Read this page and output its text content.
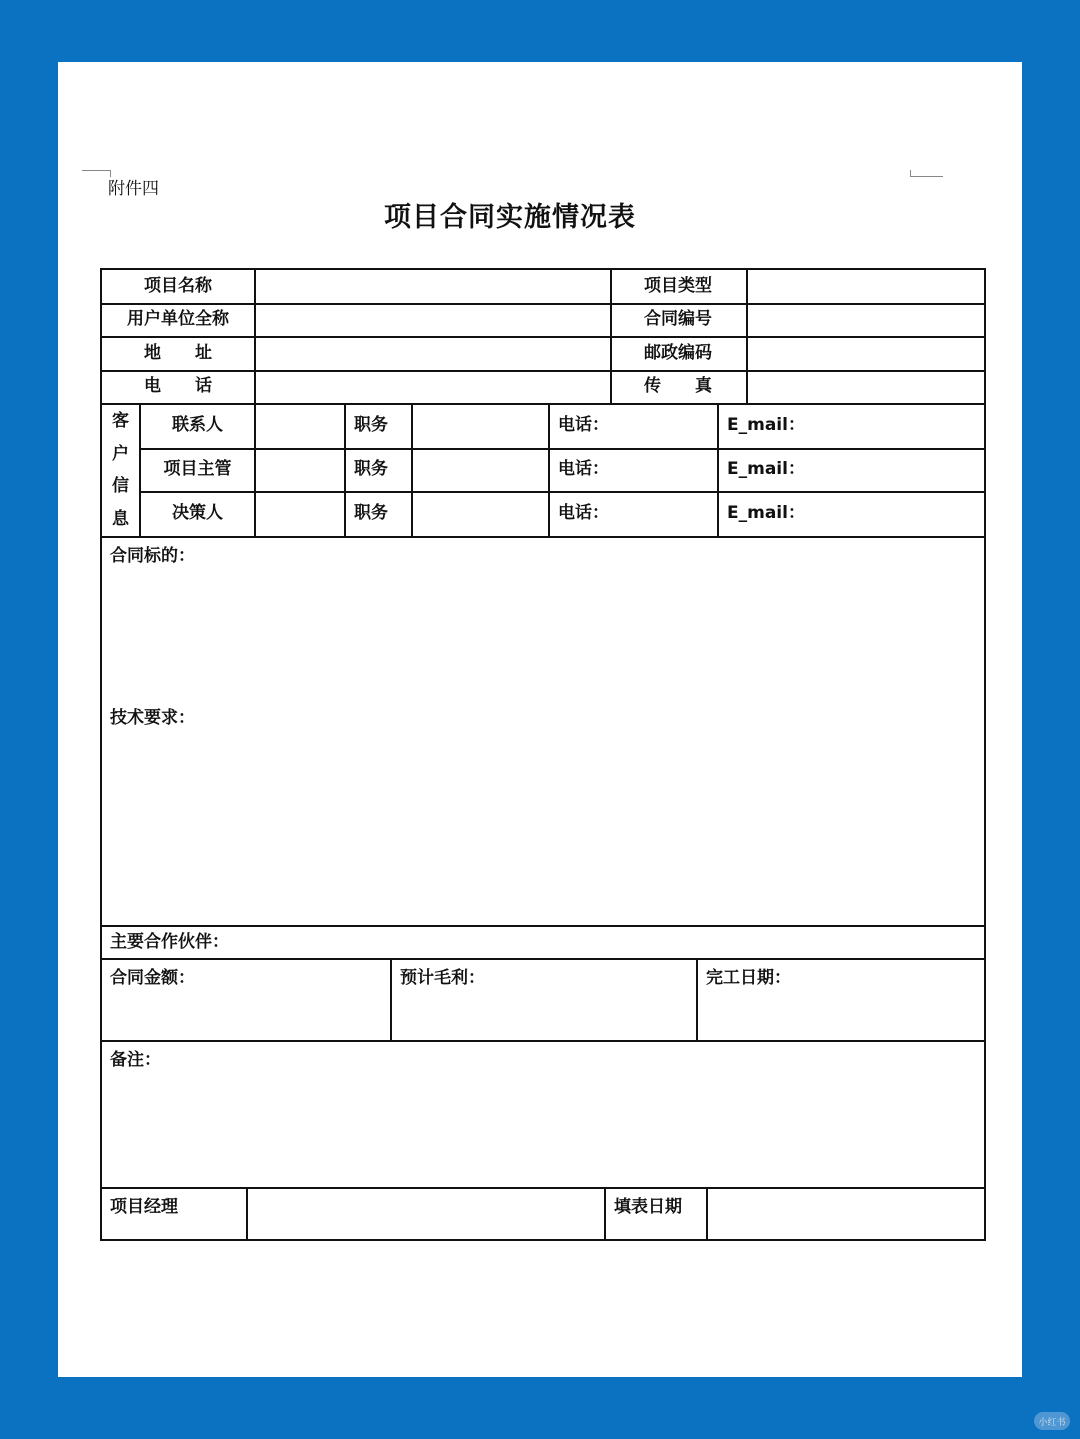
附件四
项目合同实施情况表
项目名称	项目类型
用户单位全称	合同编号
地　　址	邮政编码
电　　话	传　　真
客
户
信
息
联系人	职务	电话：	E_mail：
项目主管	职务	电话：	E_mail：
决策人	职务	电话：	E_mail：
合同标的：
技术要求：
主要合作伙伴：
合同金额：	预计毛利：	完工日期：
备注：
项目经理	填表日期
小红书
